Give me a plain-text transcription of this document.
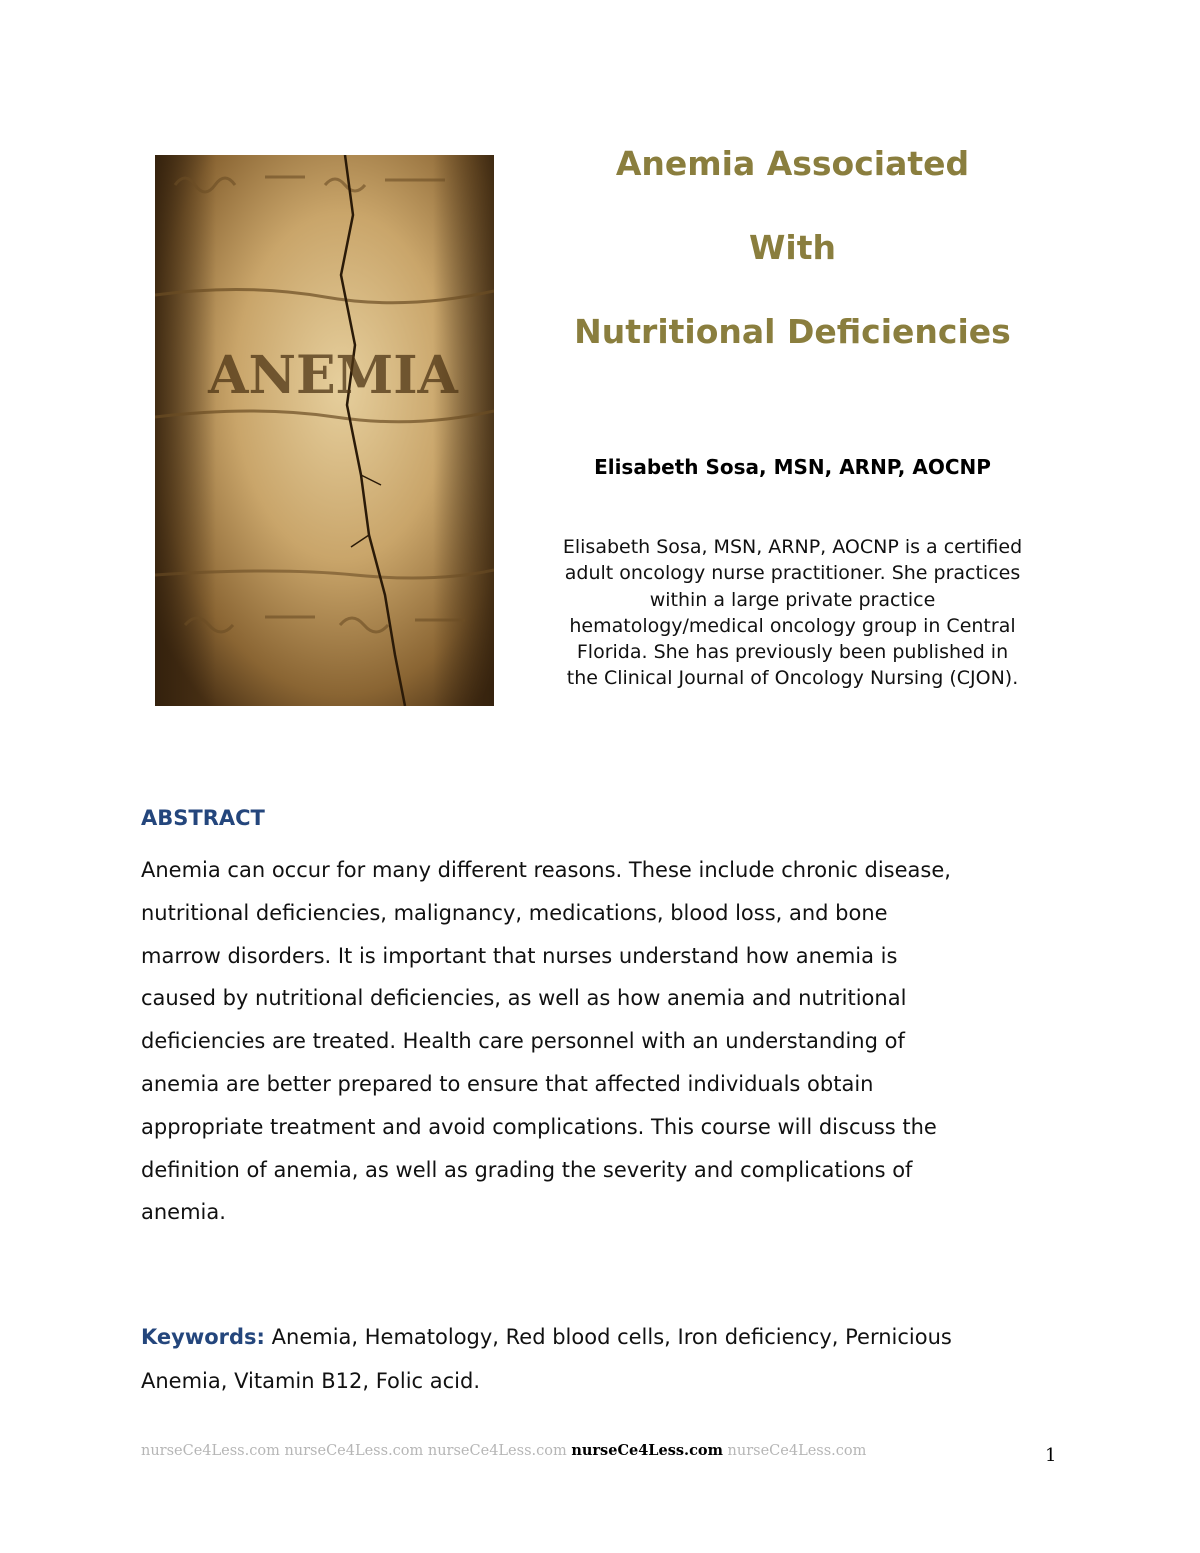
ANEMIA
Anemia Associated
With
Nutritional Deficiencies
Elisabeth Sosa, MSN, ARNP, AOCNP
Elisabeth Sosa, MSN, ARNP, AOCNP is a certified
adult oncology nurse practitioner. She practices
within a large private practice
hematology/medical oncology group in Central
Florida. She has previously been published in
the Clinical Journal of Oncology Nursing (CJON).
ABSTRACT
Anemia can occur for many different reasons. These include chronic disease,
nutritional deficiencies, malignancy, medications, blood loss, and bone
marrow disorders. It is important that nurses understand how anemia is
caused by nutritional deficiencies, as well as how anemia and nutritional
deficiencies are treated. Health care personnel with an understanding of
anemia are better prepared to ensure that affected individuals obtain
appropriate treatment and avoid complications. This course will discuss the
definition of anemia, as well as grading the severity and complications of
anemia.
Keywords: Anemia, Hematology, Red blood cells, Iron deficiency, Pernicious
Anemia, Vitamin B12, Folic acid.
nurseCe4Less.com nurseCe4Less.com nurseCe4Less.com nurseCe4Less.com nurseCe4Less.com	1
